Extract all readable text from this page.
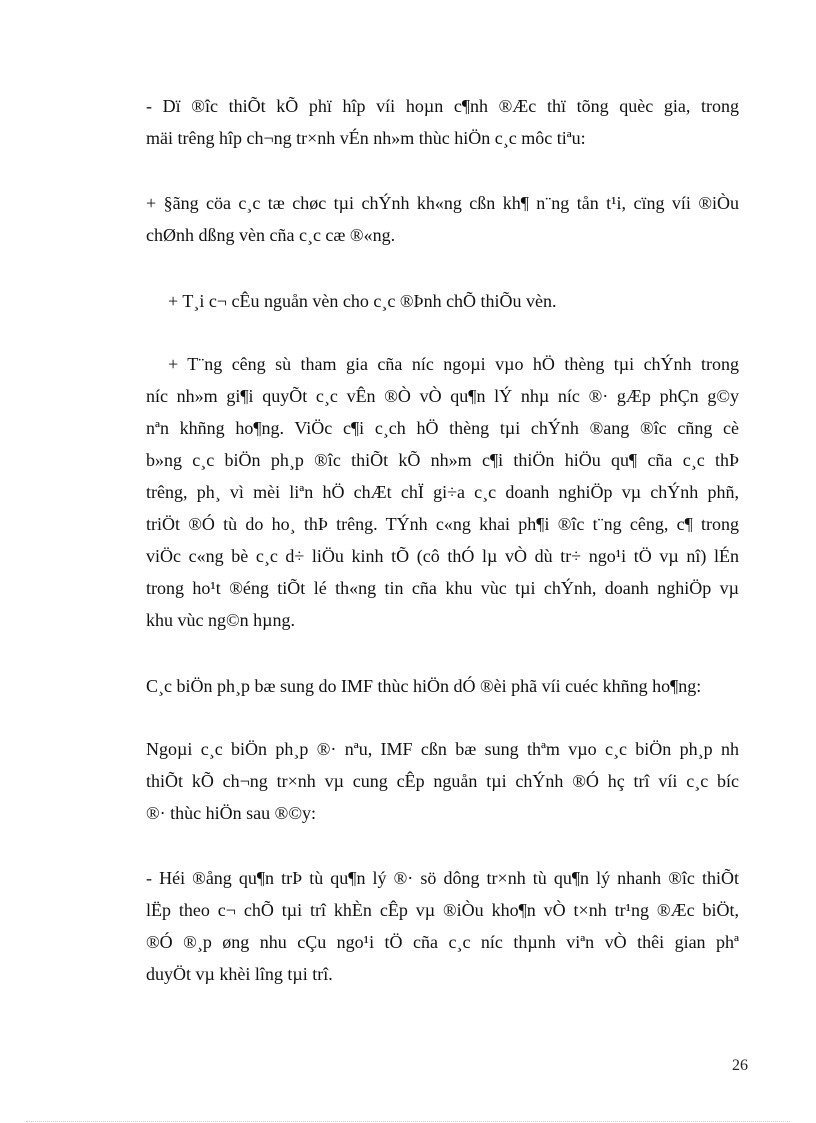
- Dï ®îc thiÕt kÕ phï hîp víi hoµn c¶nh ®Æc thï tõng quèc gia, trong
mäi trêng hîp ch¬ng tr×nh vÉn nh»m thùc hiÖn c¸c môc tiªu:
+ §ãng cöa c¸c tæ chøc tµi chÝnh kh«ng cßn kh¶ n¨ng tån t¹i, cïng víi ®iÒu
chØnh dßng vèn cña c¸c cæ ®«ng.
+ T¸i c¬ cÊu nguån vèn cho c¸c ®Þnh chÕ thiÕu vèn.
+ T¨ng cêng sù tham gia cña níc ngoµi vµo hÖ thèng tµi chÝnh trong
níc nh»m gi¶i quyÕt c¸c vÊn ®Ò vÒ qu¶n lÝ nhµ níc ®· gÆp phÇn g©y
nªn khñng ho¶ng. ViÖc c¶i c¸ch hÖ thèng tµi chÝnh ®ang ®îc cñng cè
b»ng c¸c biÖn ph¸p ®îc thiÕt kÕ nh»m c¶i thiÖn hiÖu qu¶ cña c¸c thÞ
trêng, ph¸ vì mèi liªn hÖ chÆt chÏ gi÷a c¸c doanh nghiÖp vµ chÝnh phñ,
triÖt ®Ó tù do ho¸ thÞ trêng. TÝnh c«ng khai ph¶i ®îc t¨ng cêng, c¶ trong
viÖc c«ng bè c¸c d÷ liÖu kinh tÕ (cô thÓ lµ vÒ dù tr÷ ngo¹i tÖ vµ nî) lÉn
trong ho¹t ®éng tiÕt lé th«ng tin cña khu vùc tµi chÝnh, doanh nghiÖp vµ
khu vùc ng©n hµng.
C¸c biÖn ph¸p bæ sung do IMF thùc hiÖn dÓ ®èi phã víi cuéc khñng ho¶ng:
Ngoµi c¸c biÖn ph¸p ®· nªu, IMF cßn bæ sung thªm vµo c¸c biÖn ph¸p nh
thiÕt kÕ ch¬ng tr×nh vµ cung cÊp nguån tµi chÝnh ®Ó hç trî víi c¸c bíc
®· thùc hiÖn sau ®©y:
- Héi ®ång qu¶n trÞ tù qu¶n lý ®· sö dông tr×nh tù qu¶n lý nhanh ®îc thiÕt
lËp theo c¬ chÕ tµi trî khÈn cÊp vµ ®iÒu kho¶n vÒ t×nh tr¹ng ®Æc biÖt,
®Ó ®¸p øng nhu cÇu ngo¹i tÖ cña c¸c níc thµnh viªn vÒ thêi gian phª
duyÖt vµ khèi lîng tµi trî.
26
